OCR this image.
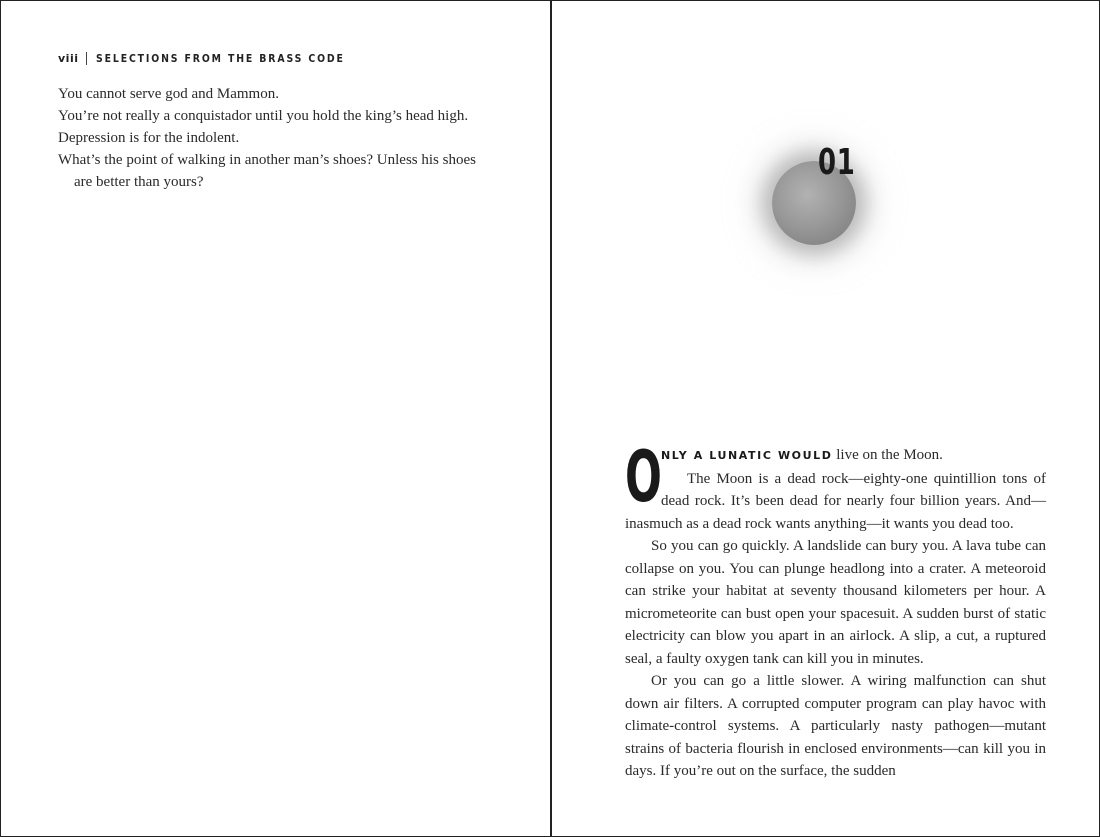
viii SELECTIONS FROM THE BRASS CODE
You cannot serve god and Mammon.
You’re not really a conquistador until you hold the king’s head high.
Depression is for the indolent.
What’s the point of walking in another man’s shoes? Unless his shoes are better than yours?	01

ONLY A LUNATIC WOULD live on the Moon.

The Moon is a dead rock—eighty-one quintillion tons of dead rock. It’s been dead for nearly four billion years. And—inasmuch as a dead rock wants anything—it wants you dead too.

So you can go quickly. A landslide can bury you. A lava tube can collapse on you. You can plunge headlong into a crater. A meteoroid can strike your habitat at seventy thousand kilometers per hour. A micrometeorite can bust open your spacesuit. A sudden burst of static electricity can blow you apart in an airlock. A slip, a cut, a ruptured seal, a faulty oxygen tank can kill you in minutes.

Or you can go a little slower. A wiring malfunction can shut down air filters. A corrupted computer program can play havoc with climate-control systems. A particularly nasty pathogen—mutant strains of bacteria flourish in enclosed environments—can kill you in days. If you’re out on the surface, the sudden
